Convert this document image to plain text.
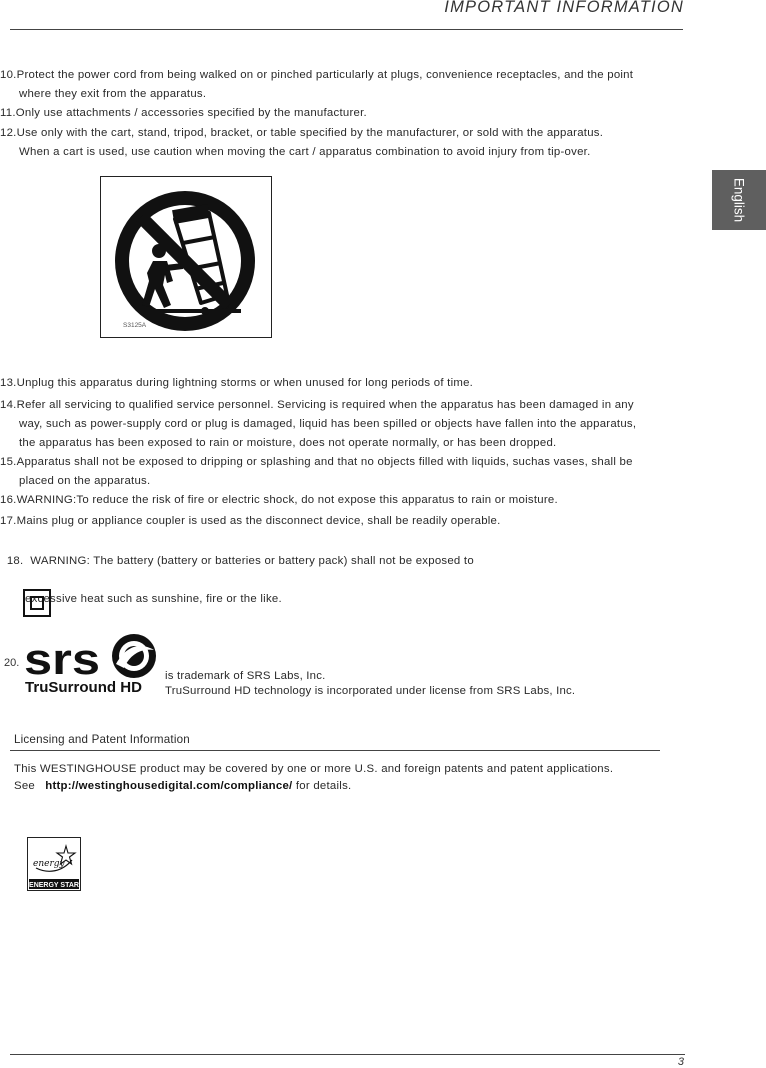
IMPORTANT INFORMATION
English
10.Protect the power cord from being walked on or pinched particularly at plugs, convenience receptacles, and the point
where they exit from the apparatus.
11.Only use attachments / accessories specified by the manufacturer.
12.Use only with the cart, stand, tripod, bracket, or table specified by the manufacturer, or sold with the apparatus.
When a cart is used, use caution when moving the cart / apparatus combination to avoid injury from tip-over.
S3125A
13.Unplug this apparatus during lightning storms or when unused for long periods of time.
14.Refer all servicing to qualified service personnel. Servicing is required when the apparatus has been damaged in any
way, such as power-supply cord or plug is damaged, liquid has been spilled or objects have fallen into the apparatus,
the apparatus has been exposed to rain or moisture, does not operate normally, or has been dropped.
15.Apparatus shall not be exposed to dripping or splashing and that no objects filled with liquids, suchas vases, shall be
placed on the apparatus.
16.WARNING:To reduce the risk of fire or electric shock, do not expose this apparatus to rain or moisture.
17.Mains plug or appliance coupler is used as the disconnect device, shall be readily operable.

18.  WARNING: The battery (battery or batteries or battery pack) shall not be exposed to

excessive heat such as sunshine, fire or the like.

20. srs
TruSurround HD
is trademark of SRS Labs, Inc.
TruSurround HD technology is incorporated under license from SRS Labs, Inc.
Licensing and Patent Information
This WESTINGHOUSE product may be covered by one or more U.S. and foreign patents and patent applications.
See   http://westinghousedigital.com/compliance/ for details.
energy
ENERGY STAR
3
